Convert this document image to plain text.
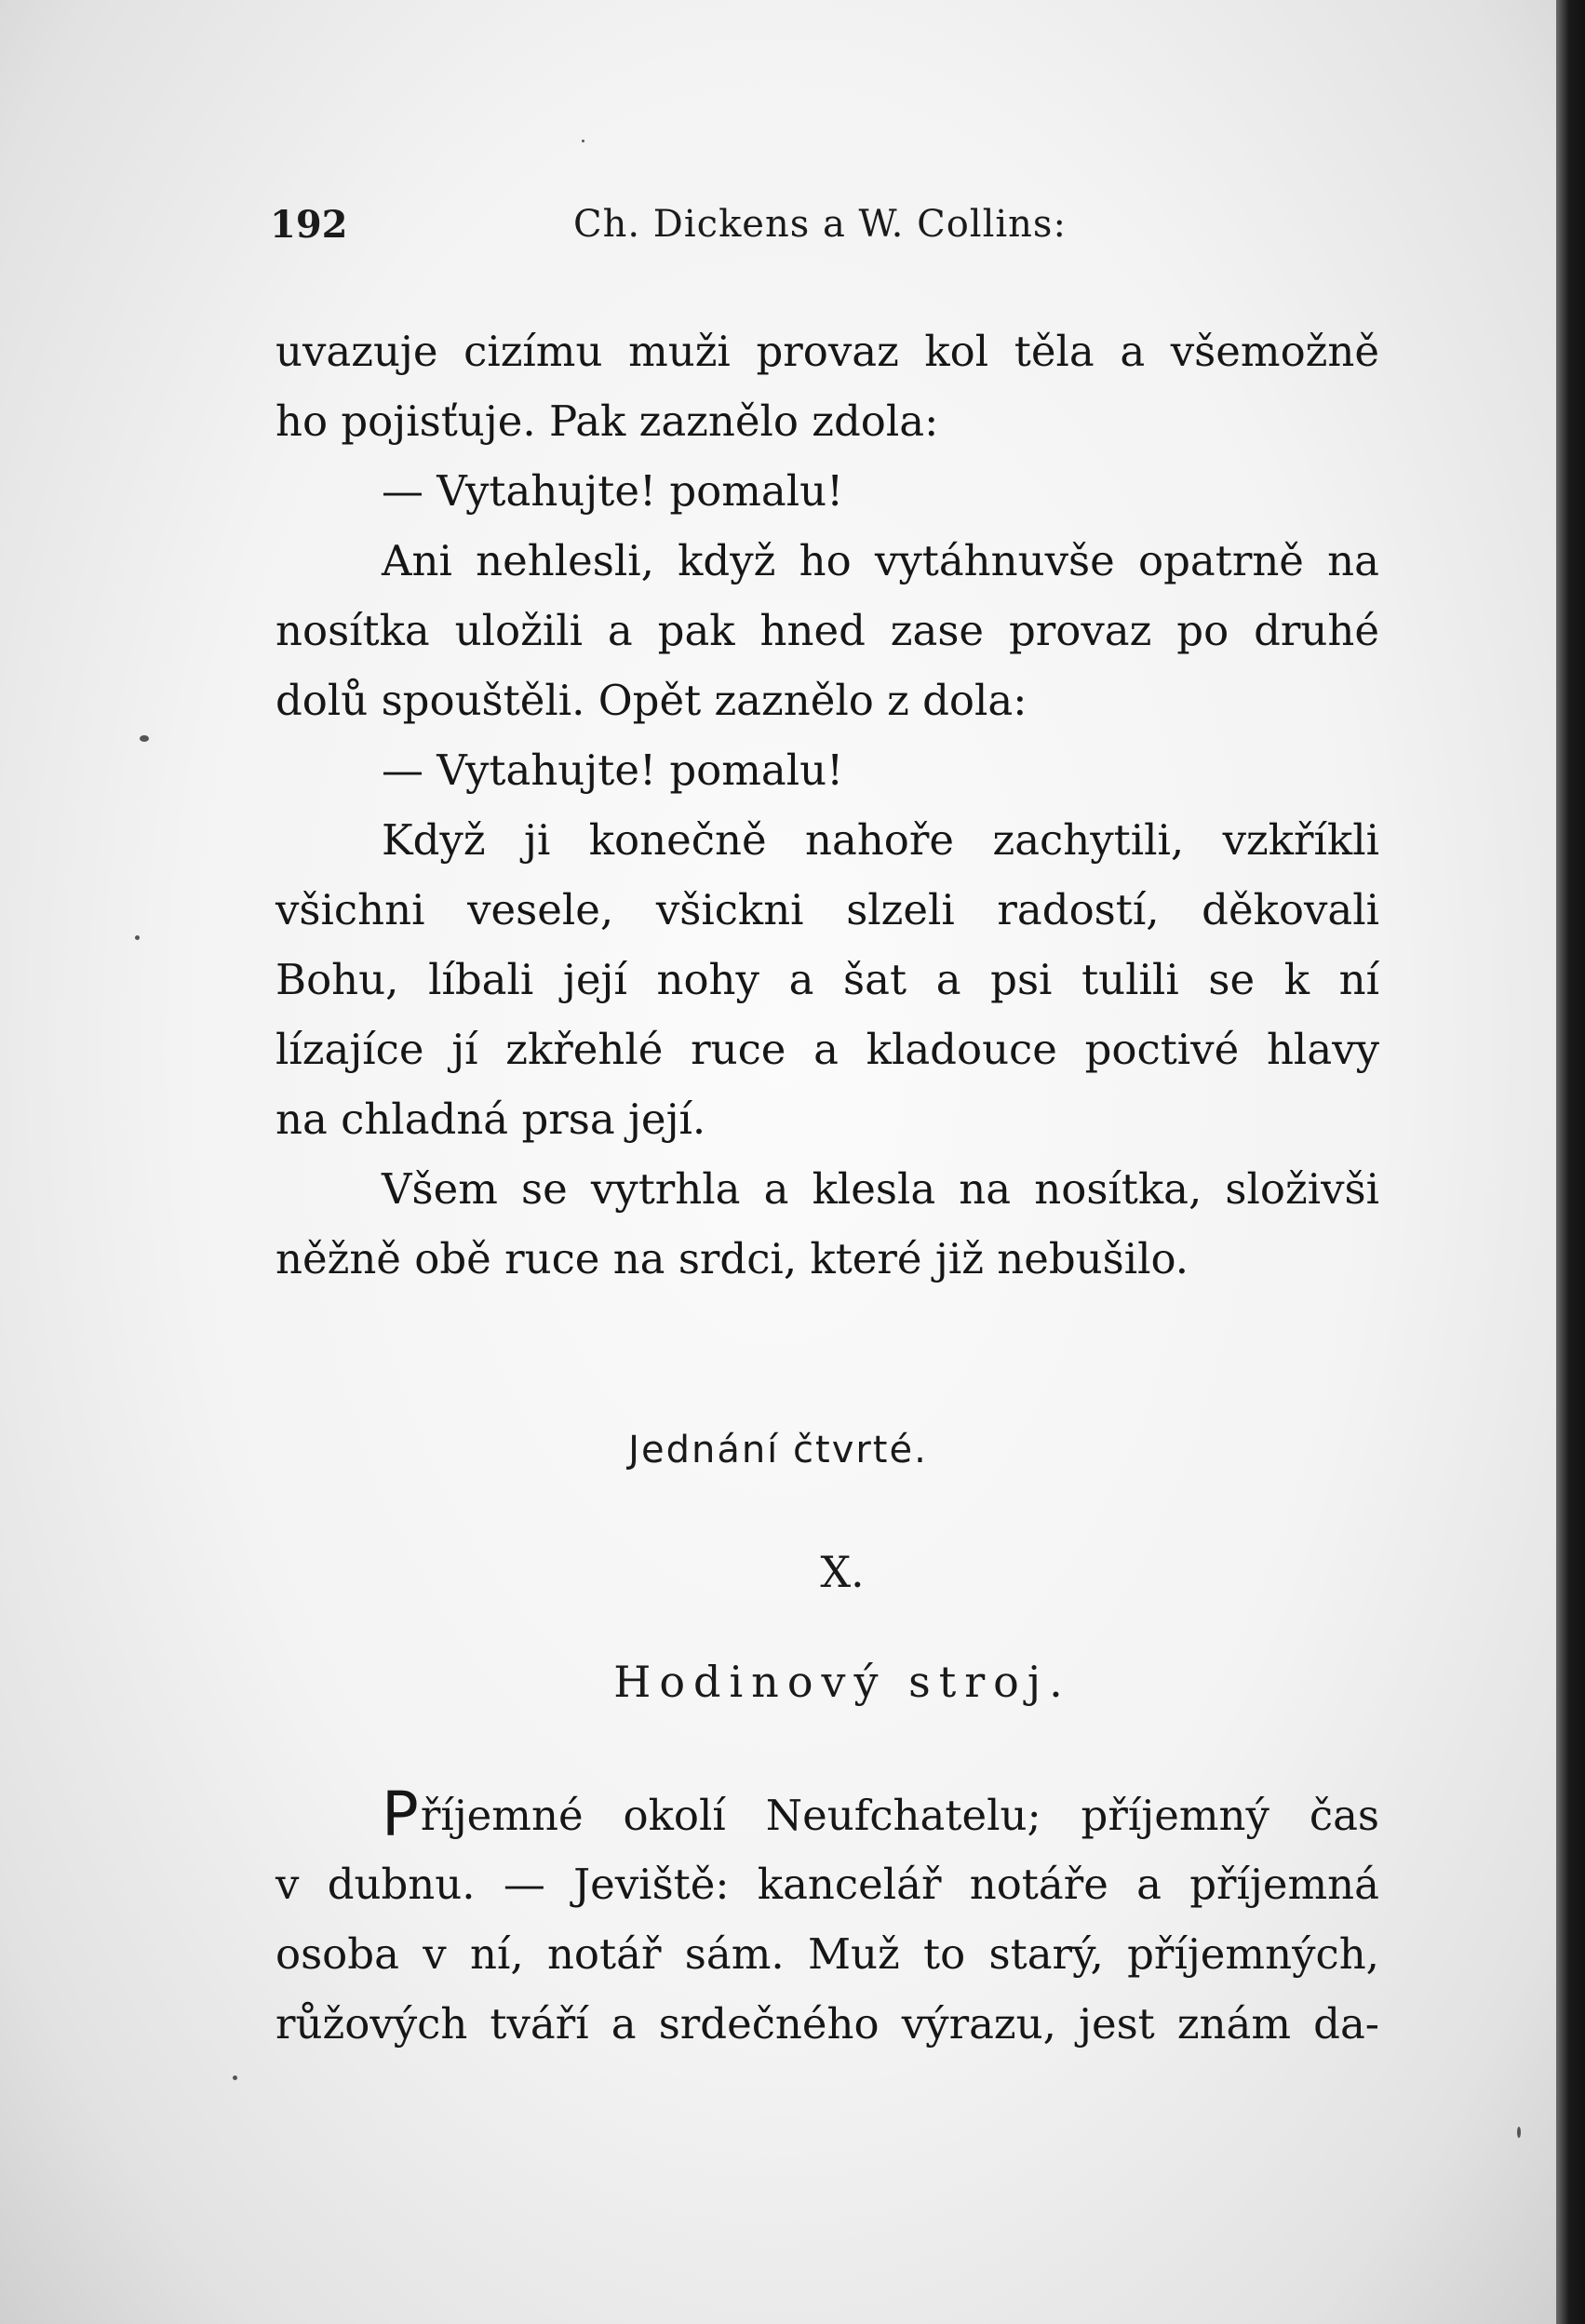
192	Ch. Dickens a W. Collins:
uvazuje cizímu muži provaz kol těla a všemožně
ho pojisťuje. Pak zaznělo zdola:
— Vytahujte! pomalu!
Ani nehlesli, když ho vytáhnuvše opatrně na
nosítka uložili a pak hned zase provaz po druhé
dolů spouštěli. Opět zaznělo z dola:
— Vytahujte! pomalu!
Když ji konečně nahoře zachytili, vzkříkli
všichni vesele, všickni slzeli radostí, děkovali
Bohu, líbali její nohy a šat a psi tulili se k ní
lízajíce jí zkřehlé ruce a kladouce poctivé hlavy
na chladná prsa její.
Všem se vytrhla a klesla na nosítka, složivši
něžně obě ruce na srdci, které již nebušilo.
Jednání čtvrté.
X.
Hodinový stroj.
Příjemné okolí Neufchatelu; příjemný čas
v dubnu. — Jeviště: kancelář notáře a příjemná
osoba v ní, notář sám. Muž to starý, příjemných,
růžových tváří a srdečného výrazu, jest znám da-
